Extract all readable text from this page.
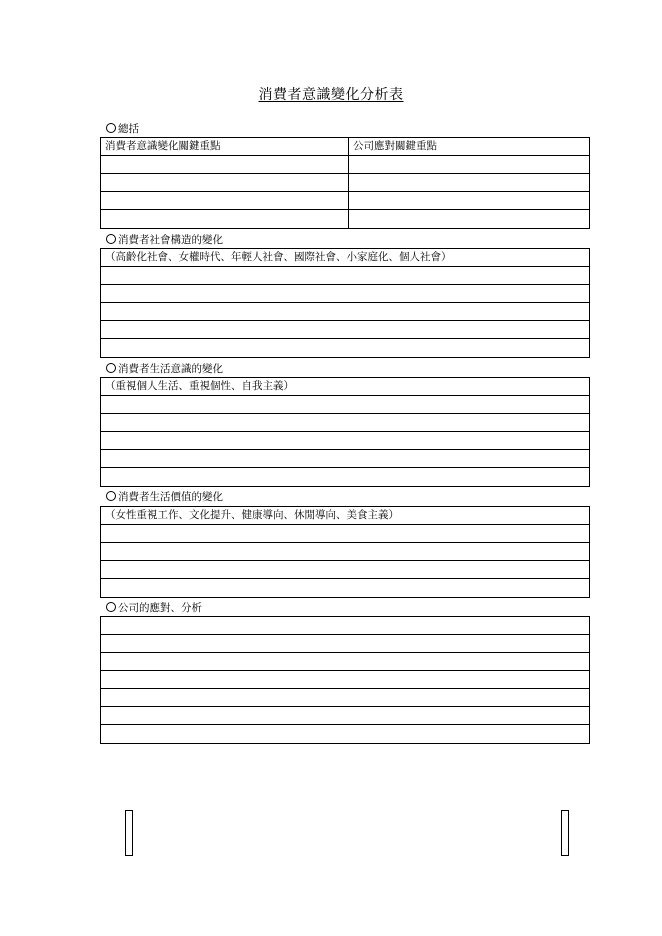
消費者意識變化分析表
總括
消費者意識變化關鍵重點	公司應對關鍵重點
消費者社會構造的變化
（高齡化社會、女權時代、年輕人社會、國際社會、小家庭化、個人社會）
消費者生活意識的變化
（重視個人生活、重視個性、自我主義）
消費者生活價值的變化
（女性重視工作、文化提升、健康導向、休閒導向、美食主義）
公司的應對、分析
